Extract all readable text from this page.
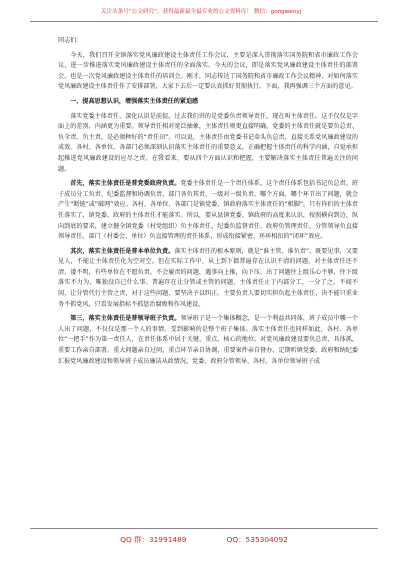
关注头条号“公文研究”，获得最新最全最专业的公文资料库！ 微信：gongwenyj

同志们：

今天，我们召开全镇落实党风廉政建设主体责任工作会议，主要是深入贯彻落实国务院和省市廉政工作会议，进一步推进落实党风廉政建设主体责任的全面落实。今天的会议，即是落实党风廉政建设主体责任的部署会，也是一次党风廉政建设主体责任的培训会。刚才，同志传达了国务院和省市廉政工作会议精神，对如何落实党风廉政建设主体责任作了安排部署，大家下去后一定要认真抓好贯彻执行。下面，我再强调三个方面的意见。

一、提高思想认识，增强落实主体责任的紧迫感

落实党委主体责任，深化认识是前提。过去我们讲的是党委负责领导责任，现在叫主体责任。这不仅仅是字面上的差别，内涵更为重要。领导责任相对宽泛抽象，主体责任则更直接明确。党委的主体责任就是要负总责、负全责、负主责，是必须种好的“责任田”。可以说，主体责任由党委书记牵头负总责，直接关系党风廉政建设的成效。各村、各单位、各部门必须深刻认识落实主体责任的重要意义，正确把握主体责任的科学内涵，自觉承担起推进党风廉政建设的应尽之责。在我看来，要从四个方面认识和把握，主要解决落实主体责任普遍关注的问题。

首先，落实主体责任是普党委政府负责。党委主体责任是一个责任体系，这个责任体系包括书记负总责、班子成员分工负责、纪委监督和协调负责、部门各负其责、一级对一级负责、哪个方面、哪个环节出了问题，就会产生“断链”或“破网”效应。各村、各单位、各部门是镇党委、镇政府落实主体责任的“根脚”，只有你们的主体责任落实了，镇党委、政府的主体责任才能落实。所以，要从县镇党委、镇政府的高度来认识，按照横向到边、纵向到底的要求，建立健全镇党委（村党组织）负主体责任、纪委负监督责任、政府负管理责任、分管领导负直接领导责任、部门（村委会、单位）负直接管理的责任体系，形成衔接紧密、环环相扣的“闭环”效应。

其次，落实主体责任是普本单位负责。落实主体责任的根本原则，就是“谁主管、谁负责”，既要见事，又要见人，不能让主体责任化为空对空。但在实际工作中，从上到下都普遍存在认识不清的问题。对主体责任还不清、诿不明，有些单位在不愿负责，不会履责的问题，遇事向上推，向下压，出了问题往上级乐心不够，往下级落实不力为，唯独没自己什么事。普遍存在让分管或主管的问题，主体责任止于内部分工，一分了之，不闻不问，让分管代行主管之责，对于这些问题，要坚决予以纠正。主要负责人要切实担负起主体责任，决不能只重业务不抓党风，只看发展指标不抓惩治腐败和作风建设。

第三，落实主体责任是普领导班子负责。领导班子是一个集体概念，是一个利益共同体，班子成员中哪一个人出了问题，不仅仅是那一个人的事情，受到影响的是整个班子集体。落实主体责任也同样如此。各村、各单位“一把手”作为第一责任人，在责任体系中居于关键、重点、核心的地位，对党风廉政建设要负总责、具体抓，重要工作亲自部署，重大问题亲自过问，重点环节亲自协调，重要案件亲自督办，定期听镇党委、政府和纳纪委汇报党风廉政建设和领导班子成员廉洁从政情况。党委、政府分管领导、各村、各单位领导班子成

QQ 群：31991489	QQ：535304092
